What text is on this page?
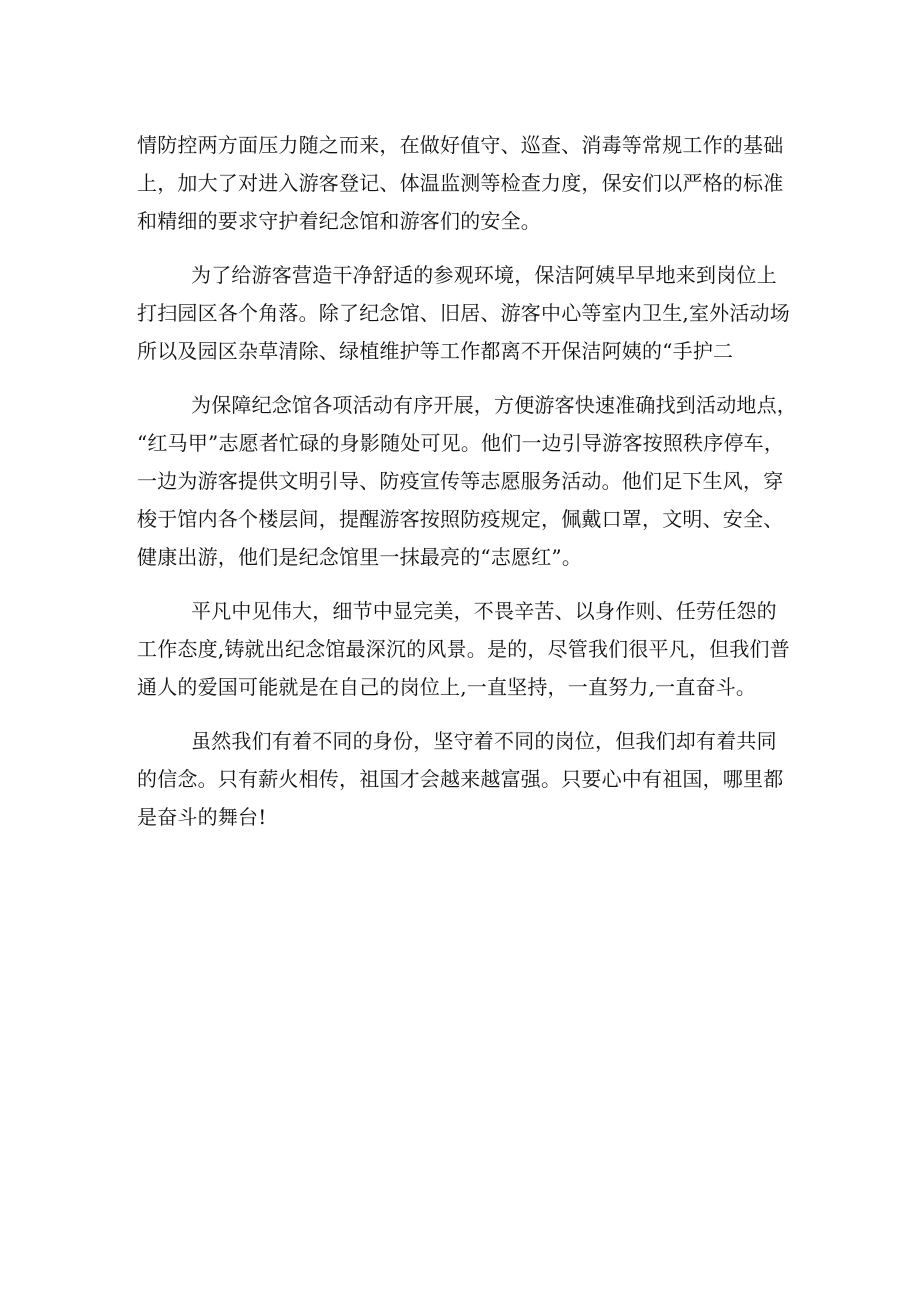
情防控两方面压力随之而来，在做好值守、巡查、消毒等常规工作的基础
上，加大了对进入游客登记、体温监测等检查力度，保安们以严格的标准
和精细的要求守护着纪念馆和游客们的安全。
为了给游客营造干净舒适的参观环境，保洁阿姨早早地来到岗位上
打扫园区各个角落。除了纪念馆、旧居、游客中心等室内卫生,室外活动场
所以及园区杂草清除、绿植维护等工作都离不开保洁阿姨的“手护二
为保障纪念馆各项活动有序开展，方便游客快速准确找到活动地点，
“红马甲”志愿者忙碌的身影随处可见。他们一边引导游客按照秩序停车，
一边为游客提供文明引导、防疫宣传等志愿服务活动。他们足下生风，穿
梭于馆内各个楼层间，提醒游客按照防疫规定，佩戴口罩，文明、安全、
健康出游，他们是纪念馆里一抹最亮的“志愿红”。
平凡中见伟大，细节中显完美，不畏辛苦、以身作则、任劳任怨的
工作态度,铸就出纪念馆最深沉的风景。是的，尽管我们很平凡，但我们普
通人的爱国可能就是在自己的岗位上,一直坚持，一直努力,一直奋斗。
虽然我们有着不同的身份，坚守着不同的岗位，但我们却有着共同
的信念。只有薪火相传，祖国才会越来越富强。只要心中有祖国，哪里都
是奋斗的舞台!
